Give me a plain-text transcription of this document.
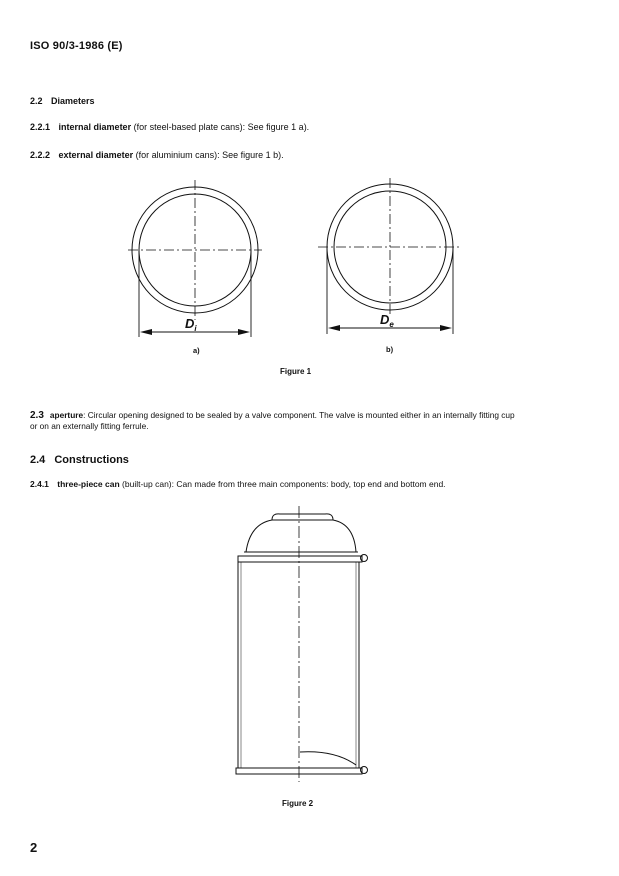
ISO 90/3-1986 (E)
2.2 Diameters
2.2.1 internal diameter (for steel-based plate cans): See figure 1 a).
2.2.2 external diameter (for aluminium cans): See figure 1 b).
$D_i$
$D_e$
a)	b)
Figure 1
2.3 aperture: Circular opening designed to be sealed by a valve component. The valve is mounted either in an internally fitting cup
or on an externally fitting ferrule.
2.4 Constructions
2.4.1 three-piece can (built-up can): Can made from three main components: body, top end and bottom end.
Figure 2
2
